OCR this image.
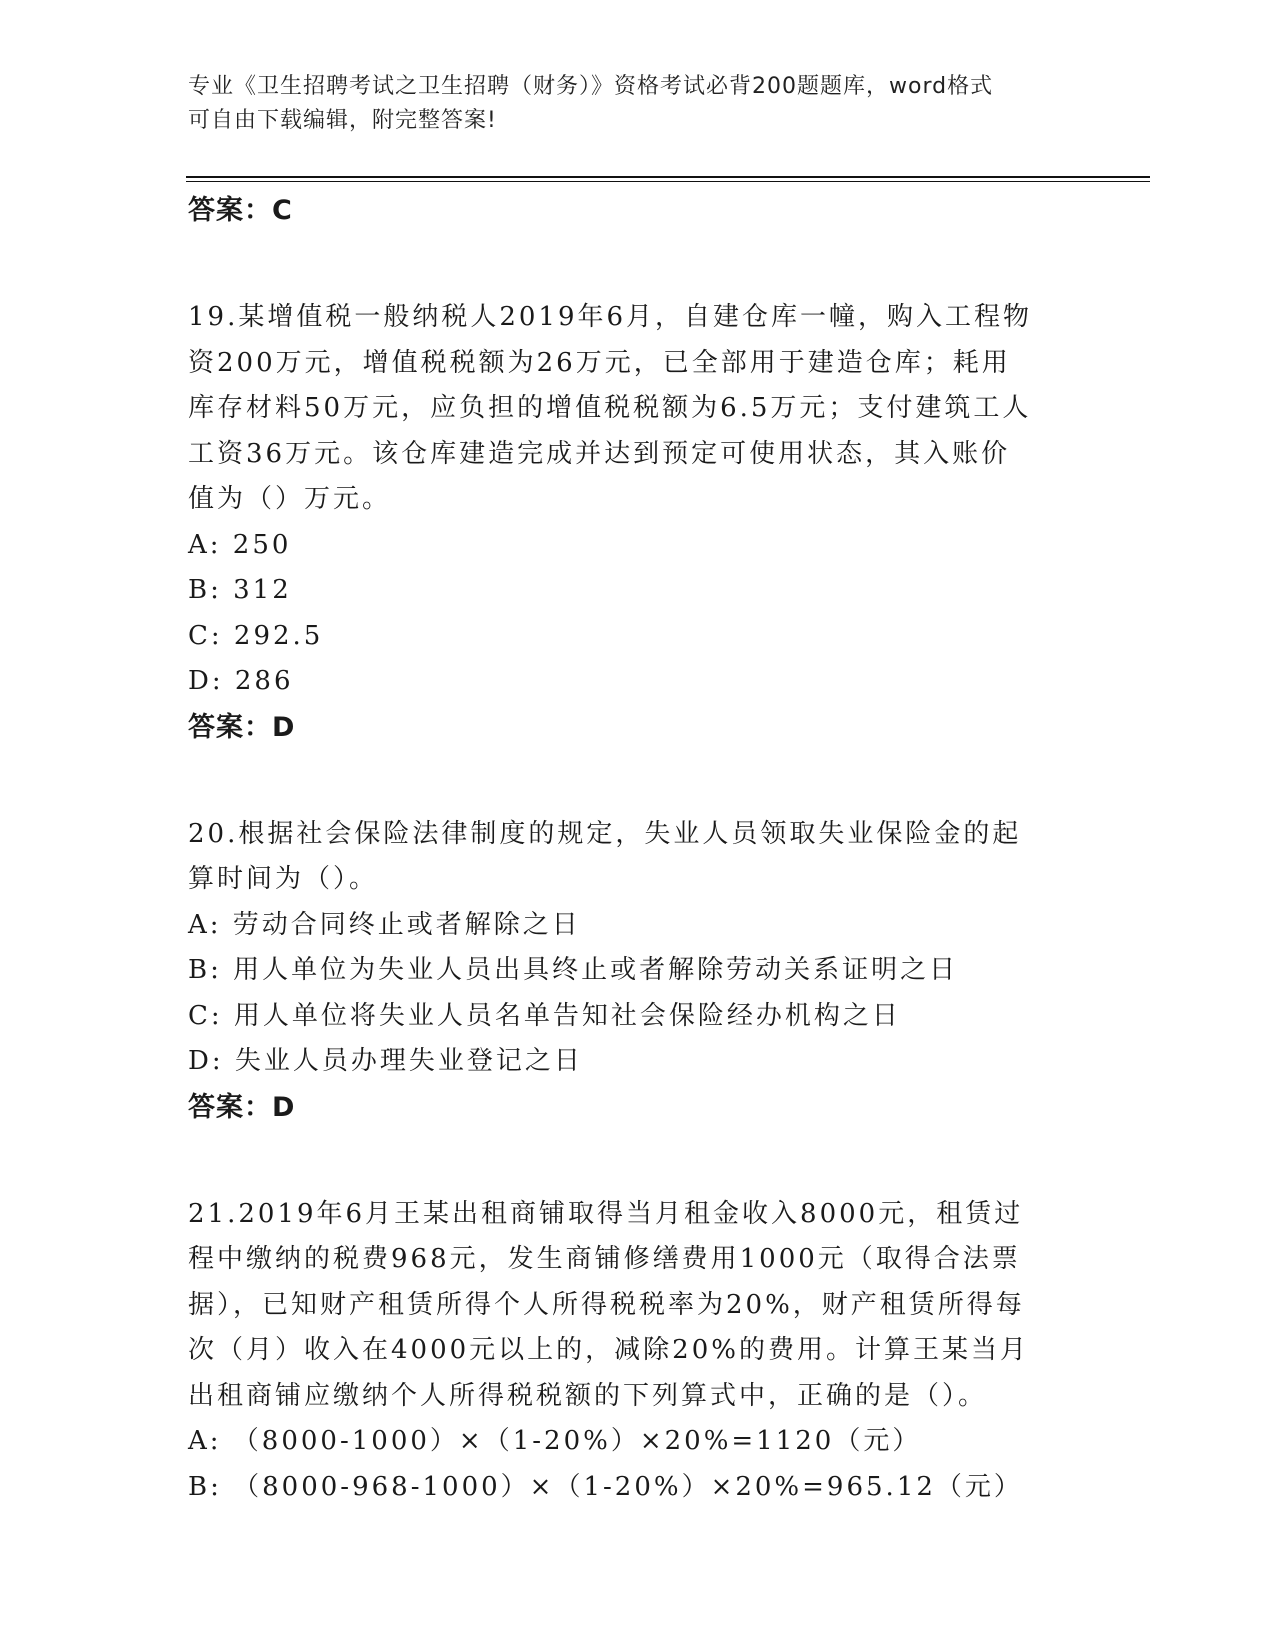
专业《卫生招聘考试之卫生招聘（财务）》资格考试必背200题题库，word格式
可自由下载编辑，附完整答案!
答案：C

19.某增值税一般纳税人2019年6月，自建仓库一幢，购入工程物资200万元，增值税税额为26万元，已全部用于建造仓库；耗用库存材料50万元，应负担的增值税税额为6.5万元；支付建筑工人工资36万元。该仓库建造完成并达到预定可使用状态，其入账价值为（）万元。

A: 250
B: 312
C: 292.5
D: 286
答案：D

20.根据社会保险法律制度的规定，失业人员领取失业保险金的起算时间为（）。

A: 劳动合同终止或者解除之日
B: 用人单位为失业人员出具终止或者解除劳动关系证明之日
C: 用人单位将失业人员名单告知社会保险经办机构之日
D: 失业人员办理失业登记之日
答案：D

21.2019年6月王某出租商铺取得当月租金收入8000元，租赁过程中缴纳的税费968元，发生商铺修缮费用1000元（取得合法票据），已知财产租赁所得个人所得税税率为20%，财产租赁所得每次（月）收入在4000元以上的，减除20%的费用。计算王某当月出租商铺应缴纳个人所得税税额的下列算式中，正确的是（）。

A: （8000-1000）×（1-20%）×20%=1120（元）
B: （8000-968-1000）×（1-20%）×20%=965.12（元）
